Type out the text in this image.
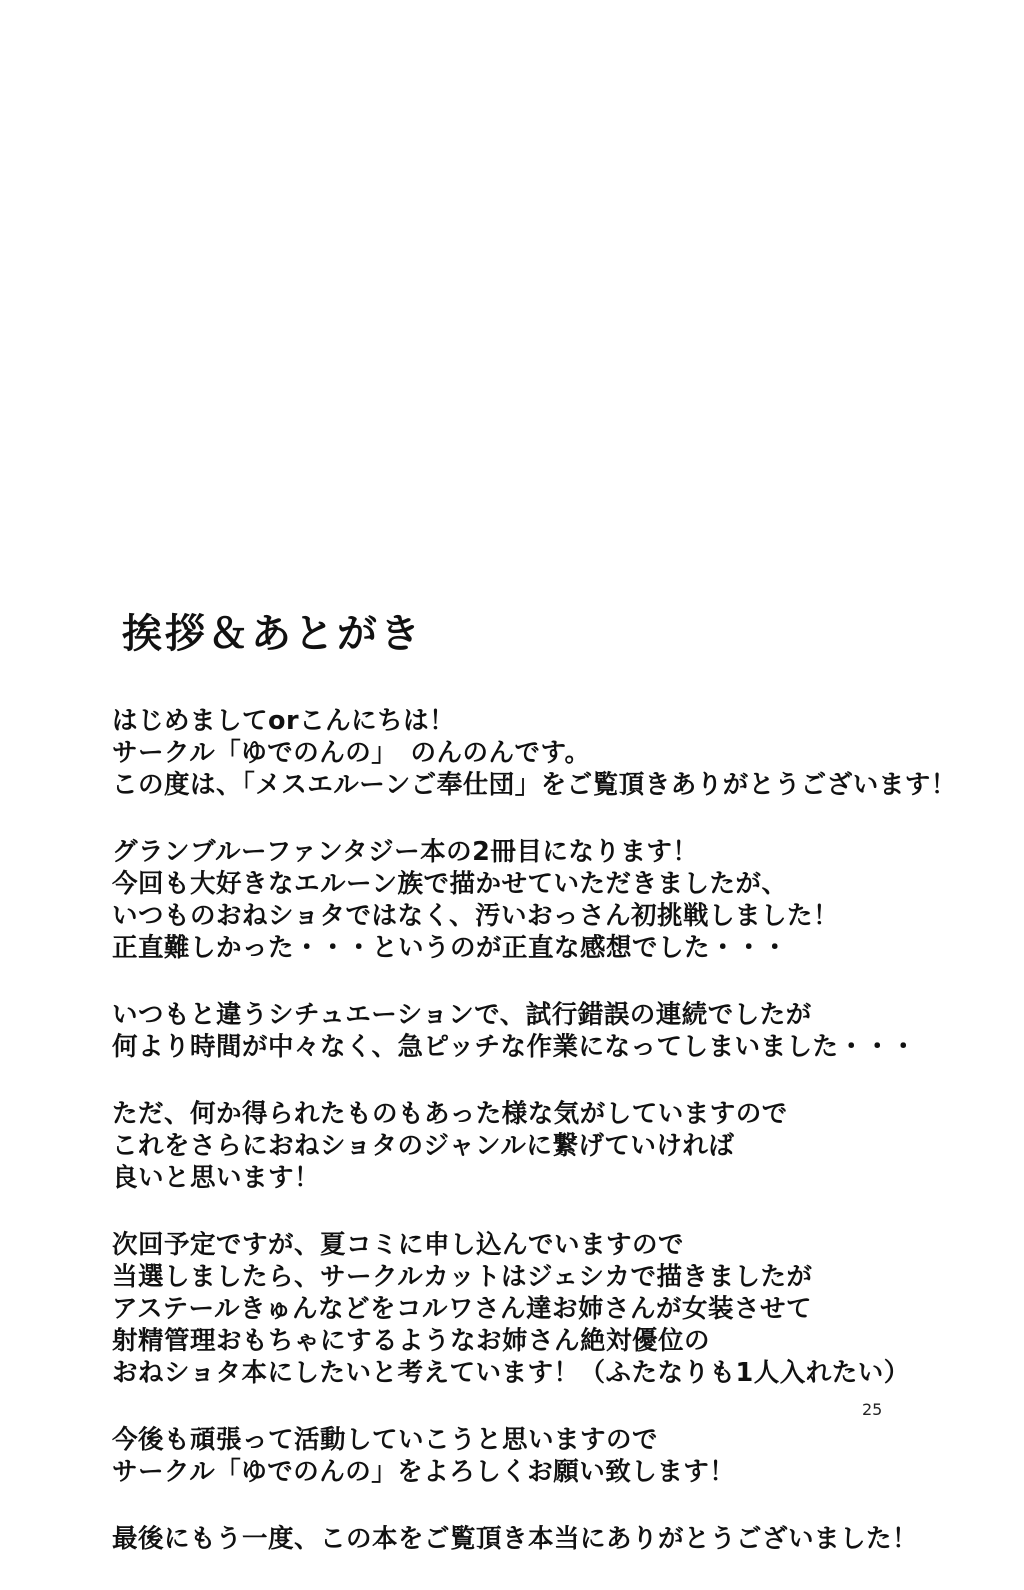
挨拶＆あとがき
はじめましてorこんにちは！
サークル「ゆでのんの」　のんのんです。
この度は、「メスエルーンご奉仕団」をご覧頂きありがとうございます！
グランブルーファンタジー本の2冊目になります！
今回も大好きなエルーン族で描かせていただきましたが、
いつものおねショタではなく、汚いおっさん初挑戦しました！
正直難しかった・・・というのが正直な感想でした・・・
いつもと違うシチュエーションで、試行錯誤の連続でしたが
何より時間が中々なく、急ピッチな作業になってしまいました・・・
ただ、何か得られたものもあった様な気がしていますので
これをさらにおねショタのジャンルに繋げていければ
良いと思います！
次回予定ですが、夏コミに申し込んでいますので
当選しましたら、サークルカットはジェシカで描きましたが
アステールきゅんなどをコルワさん達お姉さんが女装させて
射精管理おもちゃにするようなお姉さん絶対優位の
おねショタ本にしたいと考えています！（ふたなりも1人入れたい）
今後も頑張って活動していこうと思いますので
サークル「ゆでのんの」をよろしくお願い致します！
最後にもう一度、この本をご覧頂き本当にありがとうございました！
25
